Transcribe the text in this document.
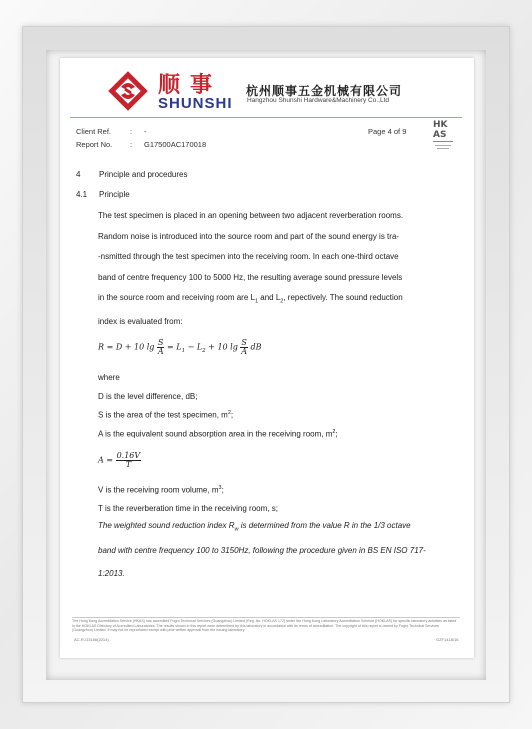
顺事
SHUNSHI
杭州顺事五金机械有限公司
Hangzhou Shunshi Hardware&Machinery Co.,Ltd
Client Ref.	: -
Report No. : G17500AC170018
Page 4 of 9
HK
AS
4 Principle and procedures
4.1 Principle

The test specimen is placed in an opening between two adjacent reverberation rooms.

Random noise is introduced into the source room and part of the sound energy is tra-

-nsmitted through the test specimen into the receiving room. In each one-third octave

band of centre frequency 100 to 5000 Hz, the resulting average sound pressure levels

in the source room and receiving room are $L_1$ and $L_2$, repectively. The sound reduction

index is evaluated from:

R = D + 10 $\lg \frac{S}{A} = L_1 - L_2 + 10$ $\lg \frac{S}{A}$ dB
where
D is the level difference, dB;
S is the area of the test specimen, $m^2$;
A is the equivalent sound absorption area in the receiving room, $m^2$;
$A = \frac{0.16V}{T}$
V is the receiving room volume, $m^3$;
T is the reverberation time in the receiving room, s;
The weighted sound reduction index $R_w$ is determined from the value R in the 1/3 octave
band with centre frequency 100 to 3150Hz, following the procedure given in BS EN ISO 717-
1:2013.
The Hong Kong Accreditation Service (HKAS) has accredited Fugro Technical Services (Guangzhou) Limited (Reg. No. HOKLAS 172) under the Hong Kong Laboratory Accreditation Scheme (HOKLAS) for specific laboratory activities as listed in the HOKLAS Directory of Accredited Laboratories. The results shown in this report were determined by this laboratory in accordance with its terms of accreditation. The copyright of this report is owned by Fugro Technical Services (Guangzhou) Limited. It may not be reproduced except with prior written approval from the issuing laboratory.
AC-R-G3166(2014)	GZF1418/16
